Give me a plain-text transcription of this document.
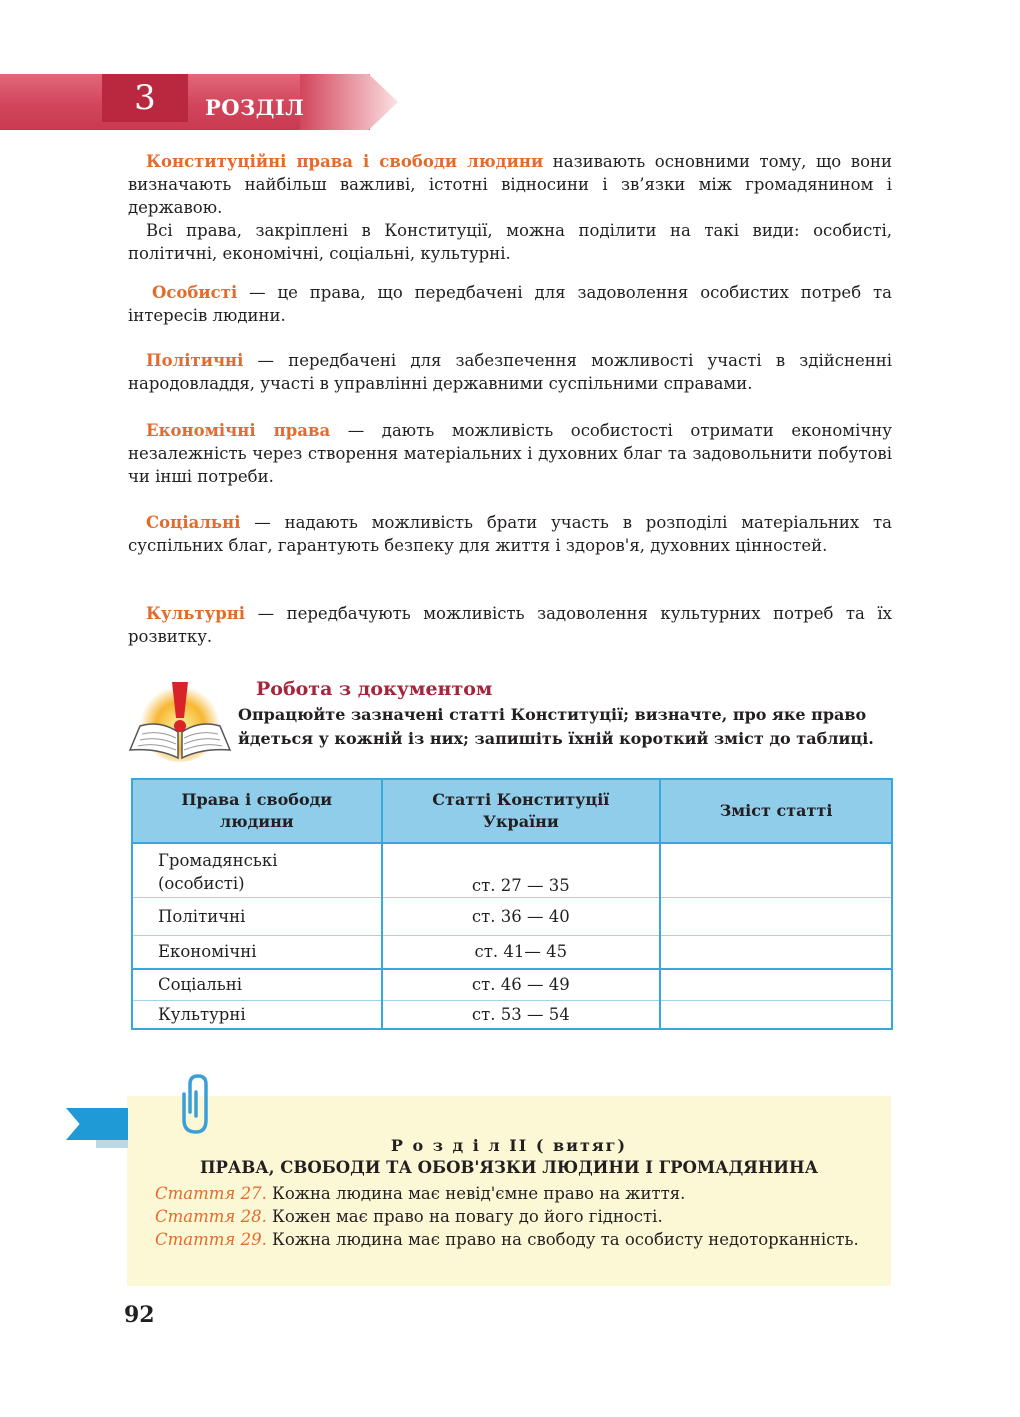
3	РОЗДІЛ
Конституційні права і свободи людини називають основними тому, що вони визначають найбільш важливі, істотні відносини і зв’язки між громадянином і державою.
Всі права, закріплені в Конституції, можна поділити на такі види: особисті, політичні, економічні, соціальні, культурні.
Особисті — це права, що передбачені для задоволення особистих потреб та інтересів людини.
Політичні — передбачені для забезпечення можливості участі в здійсненні народовладдя, участі в управлінні державними суспільними справами.
Економічні права — дають можливість особистості отримати економічну незалежність через створення матеріальних і духовних благ та задовольнити побутові чи інші потреби.
Соціальні — надають можливість брати участь в розподілі матеріальних та суспільних благ, гарантують безпеку для життя і здоров'я, духовних цінностей.
Культурні — передбачують можливість задоволення культурних потреб та їх розвитку.
Робота з документом
Опрацюйте зазначені статті Конституції; визначте, про яке право йдеться у кожній із них; запишіть їхній короткий зміст до таблиці.
Права і свободи людини	Статті Конституції України	Зміст статті

Громадянські
(особисті)	ст. 27 — 35	
Політичні	ст. 36 — 40	
Економічні	ст. 41— 45	
Соціальні	ст. 46 — 49	
Культурні	ст. 53 — 54	
Р о з д і л II ( витяг)
ПРАВА, СВОБОДИ ТА ОБОВ'ЯЗКИ ЛЮДИНИ І ГРОМАДЯНИНА
Стаття 27. Кожна людина має невід'ємне право на життя.
Стаття 28. Кожен має право на повагу до його гідності.
Стаття 29. Кожна людина має право на свободу та особисту недоторканність.
92
